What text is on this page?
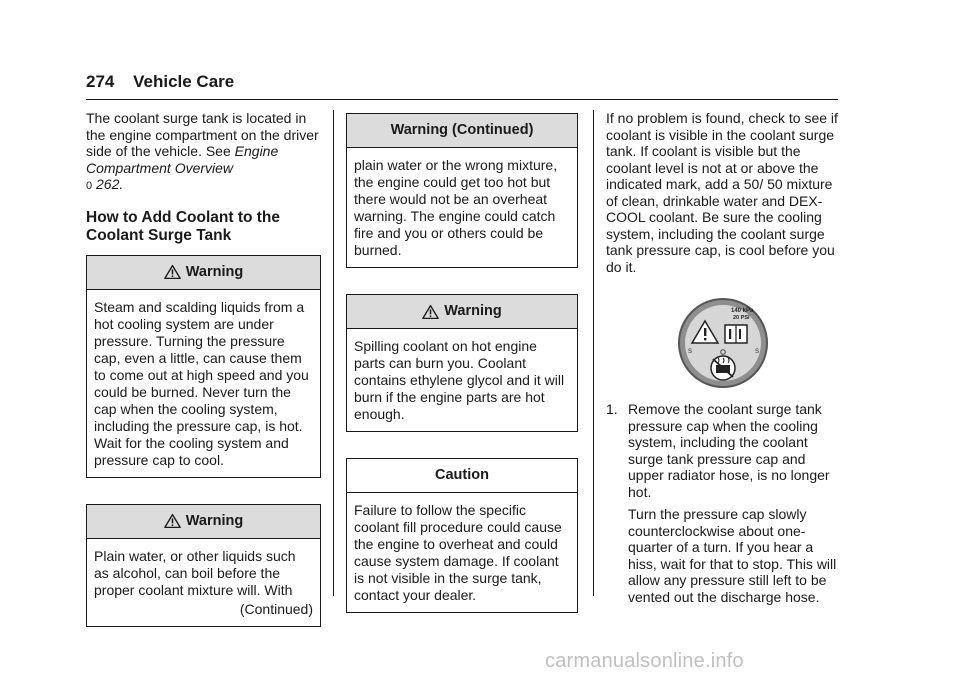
274 Vehicle Care

The coolant surge tank is located in the engine compartment on the driver side of the vehicle. See Engine Compartment Overview
0 262.

How to Add Coolant to the Coolant Surge Tank
Warning
Steam and scalding liquids from a hot cooling system are under pressure. Turning the pressure cap, even a little, can cause them to come out at high speed and you could be burned. Never turn the cap when the cooling system, including the pressure cap, is hot. Wait for the cooling system and pressure cap to cool.
Warning
Plain water, or other liquids such as alcohol, can boil before the proper coolant mixture will. With
(Continued)
Warning (Continued)
plain water or the wrong mixture, the engine could get too hot but there would not be an overheat warning. The engine could catch fire and you or others could be burned.
Warning
Spilling coolant on hot engine parts can burn you. Coolant contains ethylene glycol and it will burn if the engine parts are hot enough.
Caution
Failure to follow the specific coolant fill procedure could cause the engine to overheat and could cause system damage. If coolant is not visible in the surge tank, contact your dealer.

If no problem is found, check to see if coolant is visible in the coolant surge tank. If coolant is visible but the coolant level is not at or above the indicated mark, add a 50/ 50 mixture of clean, drinkable water and DEX-COOL coolant. Be sure the cooling system, including the coolant surge tank pressure cap, is cool before you do it.

140 kPa
20 PSI
S	S
1. Remove the coolant surge tank pressure cap when the cooling system, including the coolant surge tank pressure cap and upper radiator hose, is no longer hot.

Turn the pressure cap slowly counterclockwise about one-quarter of a turn. If you hear a hiss, wait for that to stop. This will allow any pressure still left to be vented out the discharge hose.

carmanualsonline.info
